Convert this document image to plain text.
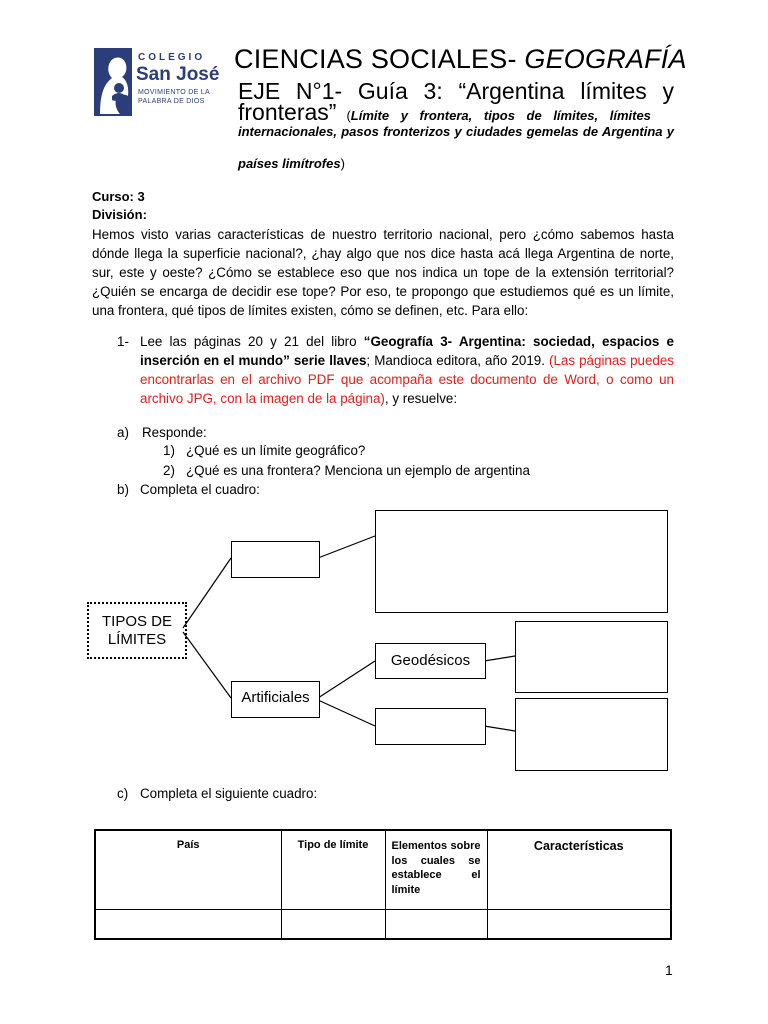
COLEGIO
San José
MOVIMIENTO DE LA
PALABRA DE DIOS
CIENCIAS SOCIALES- GEOGRAFÍA
EJE N°1- Guía 3: “Argentina límites y
fronteras” (Límite y frontera, tipos de límites, límites
internacionales, pasos fronterizos y ciudades gemelas de Argentina y
países limítrofes)
Curso: 3
División:
Hemos visto varias características de nuestro territorio nacional, pero ¿cómo sabemos hasta dónde llega la superficie nacional?, ¿hay algo que nos dice hasta acá llega Argentina de norte, sur, este y oeste? ¿Cómo se establece eso que nos indica un tope de la extensión territorial? ¿Quién se encarga de decidir ese tope? Por eso, te propongo que estudiemos qué es un límite, una frontera, qué tipos de límites existen, cómo se definen, etc. Para ello:
1- Lee las páginas 20 y 21 del libro “Geografía 3- Argentina: sociedad, espacios e inserción en el mundo” serie llaves; Mandioca editora, año 2019. (Las páginas puedes encontrarlas en el archivo PDF que acompaña este documento de Word, o como un archivo JPG, con la imagen de la página), y resuelve:
a) Responde:
1) ¿Qué es un límite geográfico?
2) ¿Qué es una frontera? Menciona un ejemplo de argentina
b) Completa el cuadro:
TIPOS DE
LÍMITES
Artificiales
Geodésicos
c) Completa el siguiente cuadro:
País	Tipo de límite	Elementos sobre los cuales se establece el límite	Características

1
